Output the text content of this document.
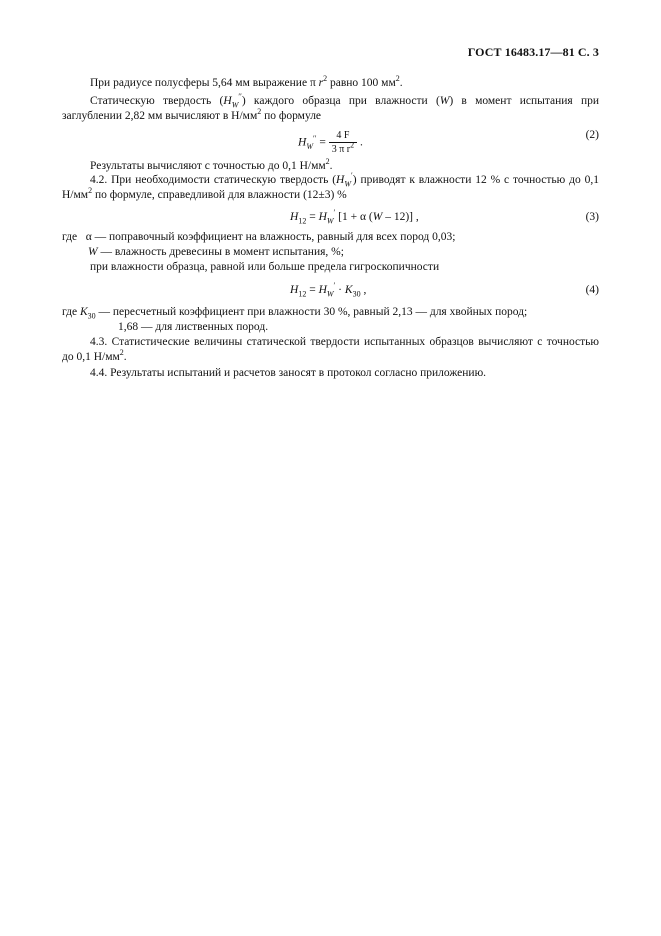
ГОСТ 16483.17—81 С. 3

При радиусе полусферы 5,64 мм выражение π $r^2$ равно 100 $мм^2$.

Статическую твердость $(H_W'')$ каждого образца при влажности (W) в момент испытания при заглублении 2,82 мм вычисляют в $Н/мм^2$ по формуле

$H_W'' = \frac{4 F}{3 \pi r^2}$ .
(2)

Результаты вычисляют с точностью до 0,1 $Н/мм^2$.

4.2. При необходимости статическую твердость $(H_W')$ приводят к влажности 12 % с точностью до 0,1 $Н/мм^2$ по формуле, справедливой для влажности (12±3) %

$H_{12} = H_W'$ [1 + α (W – 12)] ,	(3)
где α — поправочный коэффициент на влажность, равный для всех пород 0,03;
W — влажность древесины в момент испытания, %;
при влажности образца, равной или больше предела гигроскопичности
$H_{12} = H_W' \cdot K_{30}$ ,	(4)
где $K_{30}$ — пересчетный коэффициент при влажности 30 %, равный 2,13 — для хвойных пород;
1,68 — для лиственных пород.

4.3. Статистические величины статической твердости испытанных образцов вычисляют с точностью до 0,1 $Н/мм^2$.

4.4. Результаты испытаний и расчетов заносят в протокол согласно приложению.
